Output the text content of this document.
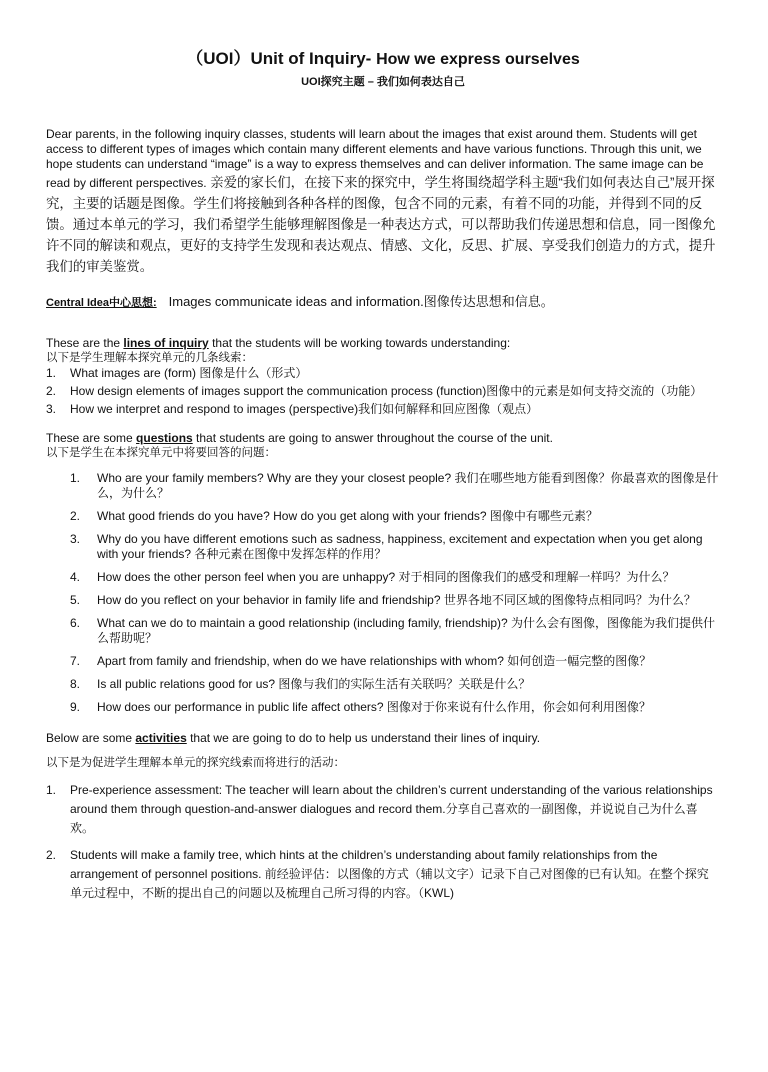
（UOI）Unit of Inquiry- How we express ourselves
UOI探究主题 – 我们如何表达自己
Dear parents, in the following inquiry classes, students will learn about the images that exist around them. Students will get access to different types of images which contain many different elements and have various functions. Through this unit, we hope students can understand “image” is a way to express themselves and can deliver information. The same image can be read by different perspectives. 亲爱的家长们，在接下来的探究中，学生将围绕超学科主题“我们如何表达自己”展开探究，主要的话题是图像。学生们将接触到各种各样的图像，包含不同的元素，有着不同的功能，并得到不同的反馈。通过本单元的学习，我们希望学生能够理解图像是一种表达方式，可以帮助我们传递思想和信息，同一图像允许不同的解读和观点，更好的支持学生发现和表达观点、情感、文化，反思、扩展、享受我们创造力的方式，提升我们的审美鉴赏。
Central Idea中心思想: Images communicate ideas and information.图像传达思想和信息。
These are the lines of inquiry that the students will be working towards understanding:
以下是学生理解本探究单元的几条线索：
1. What images are (form) 图像是什么（形式）
2. How design elements of images support the communication process (function)图像中的元素是如何支持交流的（功能）
3. How we interpret and respond to images (perspective)我们如何解释和回应图像（观点）
These are some questions that students are going to answer throughout the course of the unit.
以下是学生在本探究单元中将要回答的问题：
1. Who are your family members? Why are they your closest people? 我们在哪些地方能看到图像？你最喜欢的图像是什么，为什么？
2. What good friends do you have? How do you get along with your friends? 图像中有哪些元素？
3. Why do you have different emotions such as sadness, happiness, excitement and expectation when you get along with your friends? 各种元素在图像中发挥怎样的作用？
4. How does the other person feel when you are unhappy? 对于相同的图像我们的感受和理解一样吗？为什么？
5. How do you reflect on your behavior in family life and friendship? 世界各地不同区域的图像特点相同吗？为什么？
6. What can we do to maintain a good relationship (including family, friendship)? 为什么会有图像，图像能为我们提供什么帮助呢？
7. Apart from family and friendship, when do we have relationships with whom? 如何创造一幅完整的图像？
8. Is all public relations good for us? 图像与我们的实际生活有关联吗？关联是什么？
9. How does our performance in public life affect others? 图像对于你来说有什么作用，你会如何利用图像？
Below are some activities that we are going to do to help us understand their lines of inquiry.
以下是为促进学生理解本单元的探究线索而将进行的活动：
1. Pre-experience assessment: The teacher will learn about the children’s current understanding of the various relationships around them through question-and-answer dialogues and record them.分享自己喜欢的一副图像，并说说自己为什么喜欢。
2. Students will make a family tree, which hints at the children’s understanding about family relationships from the arrangement of personnel positions. 前经验评估：以图像的方式（辅以文字）记录下自己对图像的已有认知。在整个探究单元过程中，不断的提出自己的问题以及梳理自己所习得的内容。（KWL)
